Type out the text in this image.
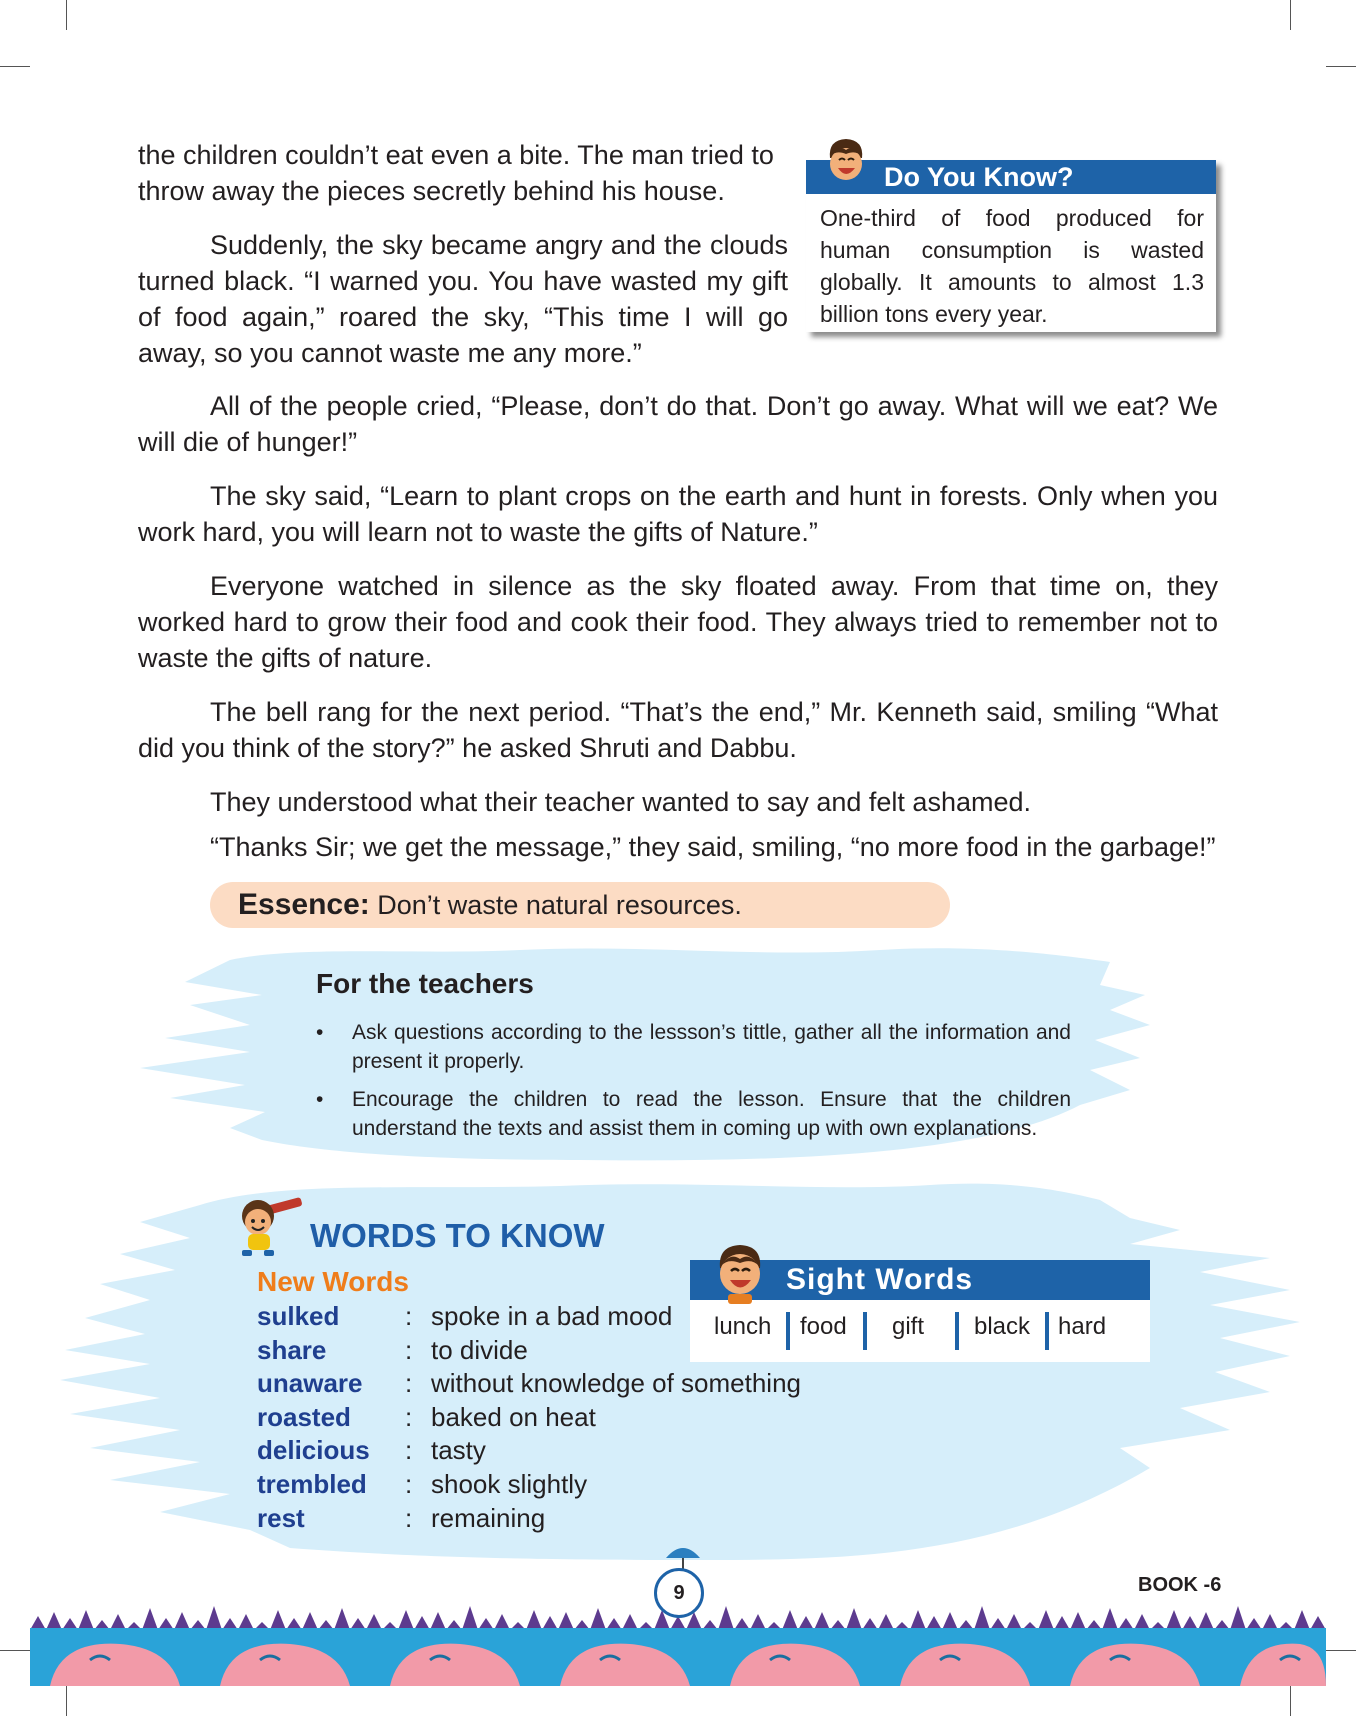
the children couldn’t eat even a bite. The man tried to throw away the pieces secretly behind his house.

Suddenly, the sky became angry and the clouds turned black. “I warned you. You have wasted my gift of food again,” roared the sky, “This time I will go away, so you cannot waste me any more.”

All of the people cried, “Please, don’t do that. Don’t go away. What will we eat? We will die of hunger!”

The sky said, “Learn to plant crops on the earth and hunt in forests. Only when you work hard, you will learn not to waste the gifts of Nature.”

Everyone watched in silence as the sky floated away. From that time on, they worked hard to grow their food and cook their food. They always tried to remember not to waste the gifts of nature.

The bell rang for the next period. “That’s the end,” Mr. Kenneth said, smiling “What did you think of the story?” he asked Shruti and Dabbu.

They understood what their teacher wanted to say and felt ashamed.

“Thanks Sir; we get the message,” they said, smiling, “no more food in the garbage!”

Do You Know?
One-third of food produced for human consumption is wasted globally. It amounts to almost 1.3 billion tons every year.
Essence: Don’t waste natural resources.
For the teachers
• Ask questions according to the lessson’s tittle, gather all the information and present it properly.
• Encourage the children to read the lesson. Ensure that the children understand the texts and assist them in coming up with own explanations.
WORDS TO KNOW
New Words
sulked	: spoke in a bad mood
share	: to divide
unaware : without knowledge of something
roasted : baked on heat
delicious : tasty
trembled : shook slightly
rest	: remaining
Sight Words
lunch food gift black hard
9	BOOK -6
